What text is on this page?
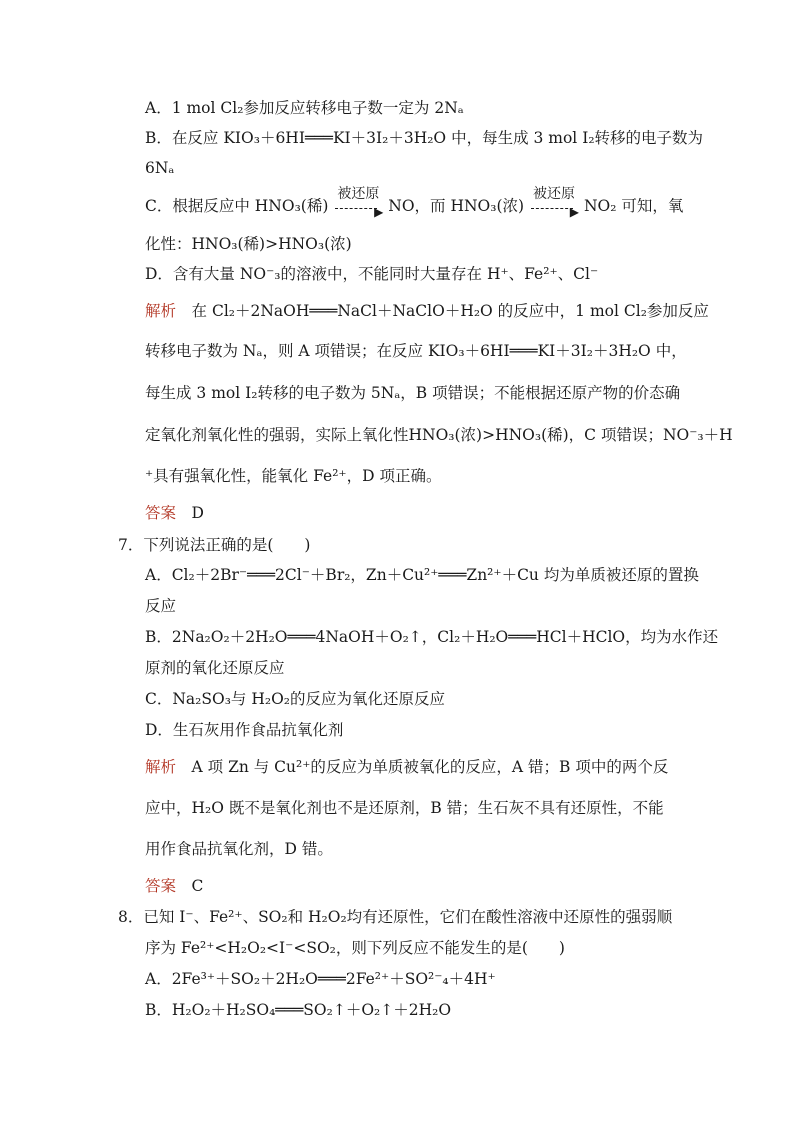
A．1 mol Cl₂参加反应转移电子数一定为 2Nₐ
B．在反应 KIO₃＋6HI═══KI＋3I₂＋3H₂O 中，每生成 3 mol I₂转移的电子数为
6Nₐ
C．根据反应中 HNO₃(稀)
被还原
▶ NO，而 HNO₃(浓)
被还原
▶ NO₂ 可知，氧
化性：HNO₃(稀)>HNO₃(浓)
D．含有大量 NO⁻₃的溶液中，不能同时大量存在 H⁺、Fe²⁺、Cl⁻
解析　 在 Cl₂＋2NaOH═══NaCl＋NaClO＋H₂O 的反应中，1 mol Cl₂参加反应
转移电子数为 Nₐ，则 A 项错误；在反应 KIO₃＋6HI═══KI＋3I₂＋3H₂O 中，
每生成 3 mol I₂转移的电子数为 5Nₐ，B 项错误；不能根据还原产物的价态确
定氧化剂氧化性的强弱，实际上氧化性HNO₃(浓)>HNO₃(稀)，C 项错误；NO⁻₃＋H
⁺具有强氧化性，能氧化 Fe²⁺，D 项正确。
答案　 D
7．下列说法正确的是(　　)
A．Cl₂＋2Br⁻═══2Cl⁻＋Br₂，Zn＋Cu²⁺═══Zn²⁺＋Cu 均为单质被还原的置换
反应
B．2Na₂O₂＋2H₂O═══4NaOH＋O₂↑，Cl₂＋H₂O═══HCl＋HClO，均为水作还
原剂的氧化还原反应
C．Na₂SO₃与 H₂O₂的反应为氧化还原反应
D．生石灰用作食品抗氧化剂
解析　 A 项 Zn 与 Cu²⁺的反应为单质被氧化的反应，A 错；B 项中的两个反
应中，H₂O 既不是氧化剂也不是还原剂，B 错；生石灰不具有还原性，不能
用作食品抗氧化剂，D 错。
答案　 C
8．已知 I⁻、Fe²⁺、SO₂和 H₂O₂均有还原性，它们在酸性溶液中还原性的强弱顺
序为 Fe²⁺<H₂O₂<I⁻<SO₂，则下列反应不能发生的是(　　)
A．2Fe³⁺＋SO₂＋2H₂O═══2Fe²⁺＋SO²⁻₄＋4H⁺
B．H₂O₂＋H₂SO₄═══SO₂↑＋O₂↑＋2H₂O
